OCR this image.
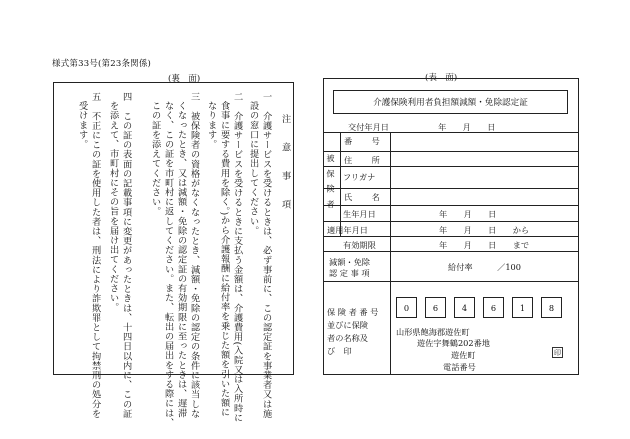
様式第33号(第23条関係)
(裏　面)	(表　面)
注　意　事　項
一　介護サービスを受けるときは、必ず事前に、この認定証を事業者又は施
設の窓口に提出してください。
二　介護サービスを受けるときに支払う金額は、介護費用(入院又は入所時に
食事に要する費用を除く。)から介護報酬に給付率を乗じた額を引いた額に
なります。
三　被保険者の資格がなくなったとき、減額・免除の認定の条件に該当しな
くなったとき、又は減額・免除の認定証の有効期限に至ったときは、遅滞
なく、この証を市町村に返してください。また、転出の届出をする際には、
この証を添えてください。
四　この証の表面の記載事項に変更があったときは、十四日以内に、この証
を添えて、市町村にその旨を届け出てください。
五　不正にこの証を使用した者は、刑法により詐欺罪として拘禁刑の処分を
受けます。	介護保険利用者負担額減額・免除認定証
交付年月日　　　　　　年　　月　　日
被保険者
番　　号
住　　所
フリガナ
氏　　名
生年月日	年　　月　　日
適用年月日	年　　月　　日　　から
有効期限	年　　月　　日　　まで
減額・免除
認 定 事 項
給付率　　　／100
保 険 者 番 号
並びに保険
者の名称及
び　印
0	6	4	6	1	8
山形県飽海郡遊佐町
遊佐字舞鶴202番地
遊佐町
電話番号
印
